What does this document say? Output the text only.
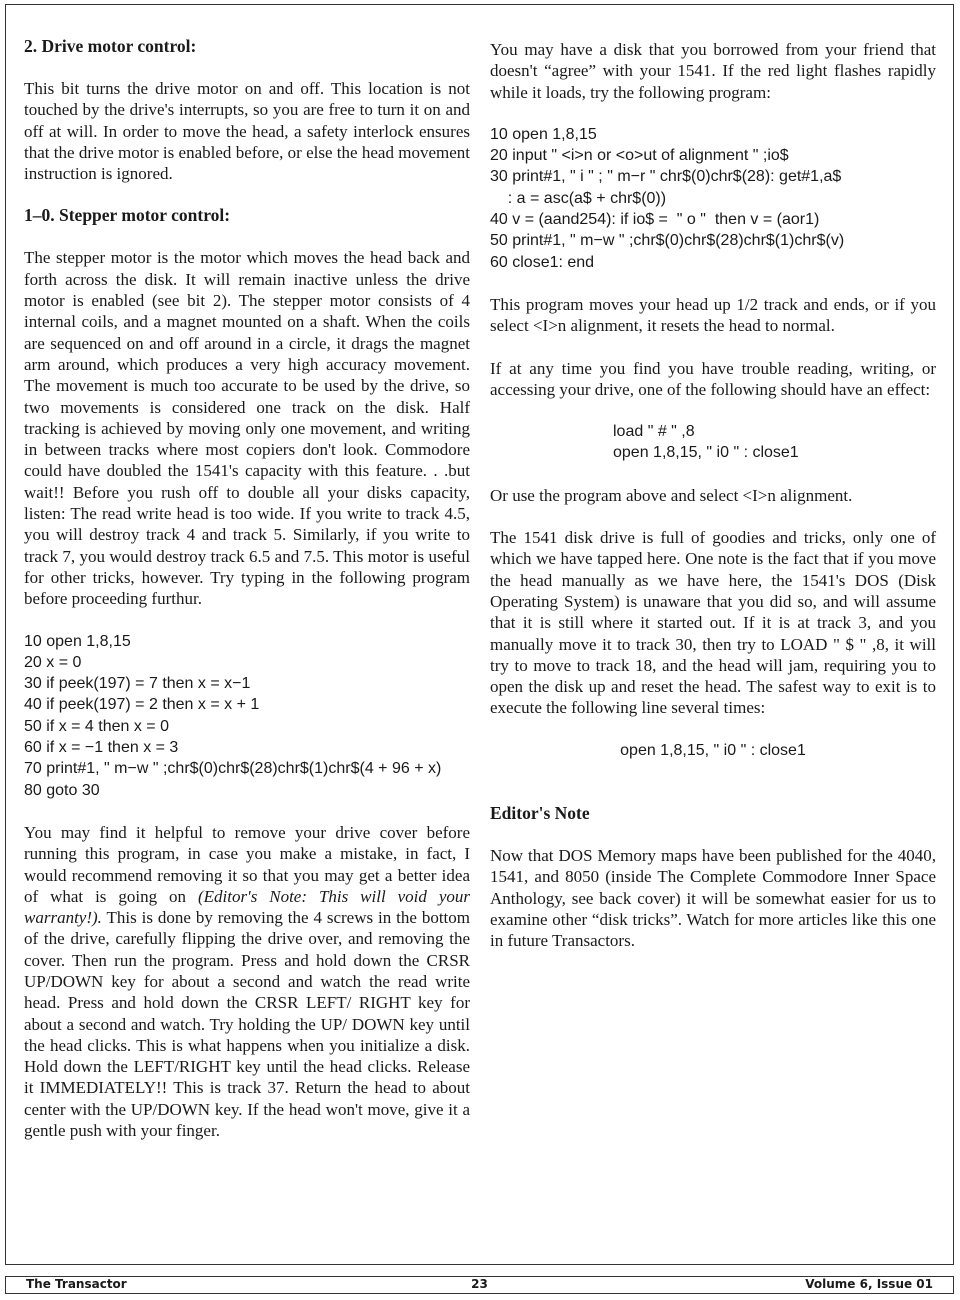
2. Drive motor control:

This bit turns the drive motor on and off. This location is not touched by the drive's interrupts, so you are free to turn it on and off at will. In order to move the head, a safety interlock ensures that the drive motor is enabled before, or else the head movement instruction is ignored.

1–0. Stepper motor control:

The stepper motor is the motor which moves the head back and forth across the disk. It will remain inactive unless the drive motor is enabled (see bit 2). The stepper motor consists of 4 internal coils, and a magnet mounted on a shaft. When the coils are sequenced on and off around in a circle, it drags the magnet arm around, which produces a very high accuracy movement. The movement is much too accurate to be used by the drive, so two movements is considered one track on the disk. Half tracking is achieved by moving only one movement, and writing in between tracks where most copiers don't look. Commodore could have doubled the 1541's capacity with this feature. . .but wait!! Before you rush off to double all your disks capacity, listen: The read write head is too wide. If you write to track 4.5, you will destroy track 4 and track 5. Similarly, if you write to track 7, you would destroy track 6.5 and 7.5. This motor is useful for other tricks, however. Try typing in the following program before proceeding furthur.

10 open 1,8,15
20 x = 0
30 if peek(197) = 7 then x = x−1
40 if peek(197) = 2 then x = x + 1
50 if x = 4 then x = 0
60 if x = −1 then x = 3
70 print#1, " m−w " ;chr$(0)chr$(28)chr$(1)chr$(4 + 96 + x)
80 goto 30

You may find it helpful to remove your drive cover before running this program, in case you make a mistake, in fact, I would recommend removing it so that you may get a better idea of what is going on (Editor's Note: This will void your warranty!). This is done by removing the 4 screws in the bottom of the drive, carefully flipping the drive over, and removing the cover. Then run the program. Press and hold down the CRSR UP/DOWN key for about a second and watch the read write head. Press and hold down the CRSR LEFT/ RIGHT key for about a second and watch. Try holding the UP/ DOWN key until the head clicks. This is what happens when you initialize a disk. Hold down the LEFT/RIGHT key until the head clicks. Release it IMMEDIATELY!! This is track 37. Return the head to about center with the UP/DOWN key. If the head won't move, give it a gentle push with your finger.

You may have a disk that you borrowed from your friend that doesn't “agree” with your 1541. If the red light flashes rapidly while it loads, try the following program:

10 open 1,8,15
20 input " <i>n or <o>ut of alignment " ;io$
30 print#1, " i " ; " m−r " chr$(0)chr$(28): get#1,a$
: a = asc(a$ + chr$(0))
40 v = (aand254): if io$ =  " o "  then v = (aor1)
50 print#1, " m−w " ;chr$(0)chr$(28)chr$(1)chr$(v)
60 close1: end

This program moves your head up 1/2 track and ends, or if you select <I>n alignment, it resets the head to normal.

If at any time you find you have trouble reading, writing, or accessing your drive, one of the following should have an effect:

load " # " ,8
open 1,8,15, " i0 " : close1

Or use the program above and select <I>n alignment.

The 1541 disk drive is full of goodies and tricks, only one of which we have tapped here. One note is the fact that if you move the head manually as we have here, the 1541's DOS (Disk Operating System) is unaware that you did so, and will assume that it is still where it started out. If it is at track 3, and you manually move it to track 30, then try to LOAD " $ " ,8, it will try to move to track 18, and the head will jam, requiring you to open the disk up and reset the head. The safest way to exit is to execute the following line several times:

open 1,8,15, " i0 " : close1
Editor's Note

Now that DOS Memory maps have been published for the 4040, 1541, and 8050 (inside The Complete Commodore Inner Space Anthology, see back cover) it will be somewhat easier for us to examine other “disk tricks”. Watch for more articles like this one in future Transactors.

The Transactor	23	Volume 6, Issue 01
